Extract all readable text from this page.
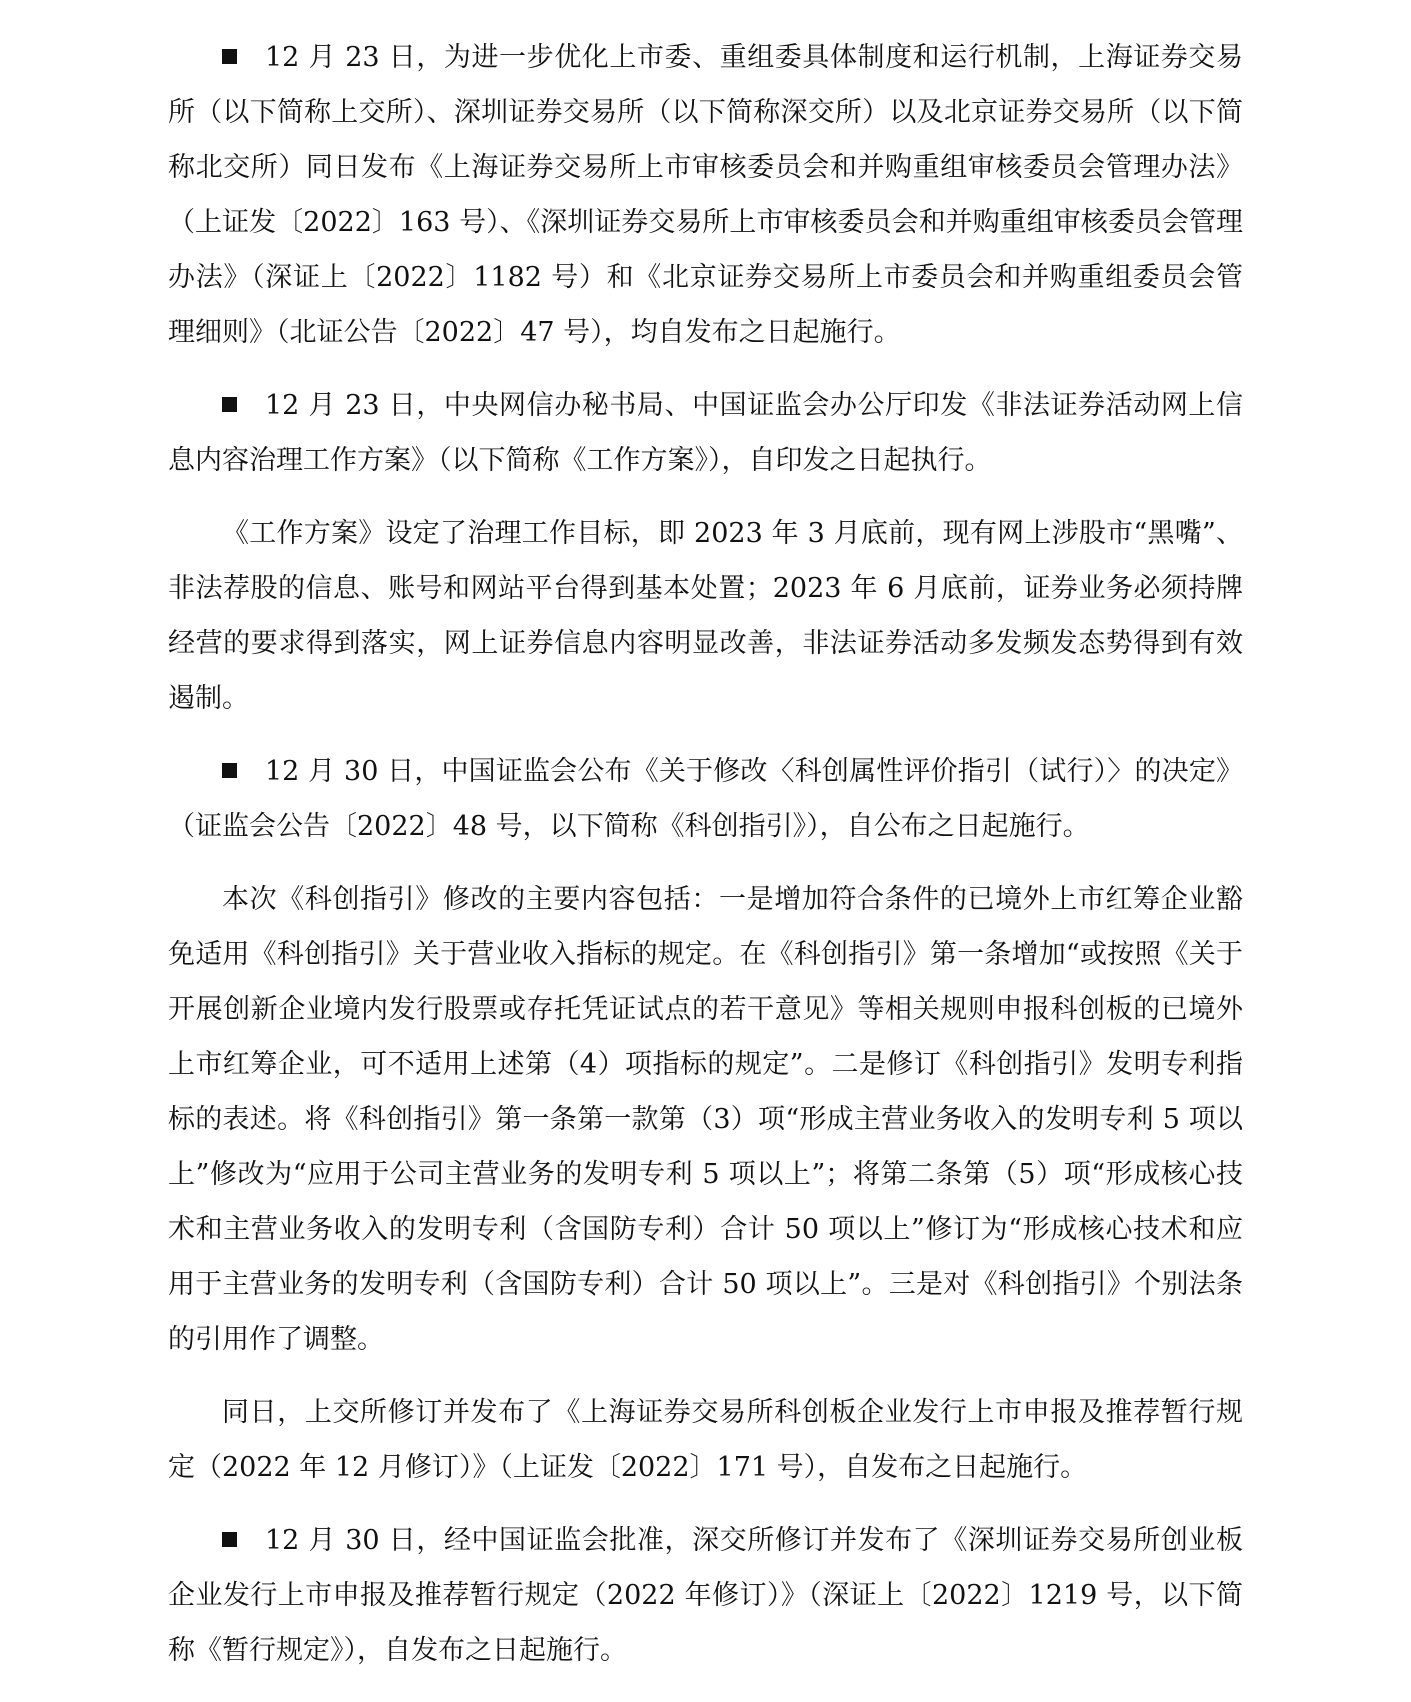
12 月 23 日，为进一步优化上市委、重组委具体制度和运行机制，上海证券交易所（以下简称上交所）、深圳证券交易所（以下简称深交所）以及北京证券交易所（以下简称北交所）同日发布《上海证券交易所上市审核委员会和并购重组审核委员会管理办法》（上证发〔2022〕163 号）、《深圳证券交易所上市审核委员会和并购重组审核委员会管理办法》（深证上〔2022〕1182 号）和《北京证券交易所上市委员会和并购重组委员会管理细则》（北证公告〔2022〕47 号），均自发布之日起施行。

12 月 23 日，中央网信办秘书局、中国证监会办公厅印发《非法证券活动网上信息内容治理工作方案》（以下简称《工作方案》），自印发之日起执行。

《工作方案》设定了治理工作目标，即 2023 年 3 月底前，现有网上涉股市“黑嘴”、非法荐股的信息、账号和网站平台得到基本处置；2023 年 6 月底前，证券业务必须持牌经营的要求得到落实，网上证券信息内容明显改善，非法证券活动多发频发态势得到有效遏制。

12 月 30 日，中国证监会公布《关于修改〈科创属性评价指引（试行）〉的决定》（证监会公告〔2022〕48 号，以下简称《科创指引》），自公布之日起施行。

本次《科创指引》修改的主要内容包括：一是增加符合条件的已境外上市红筹企业豁免适用《科创指引》关于营业收入指标的规定。在《科创指引》第一条增加“或按照《关于开展创新企业境内发行股票或存托凭证试点的若干意见》等相关规则申报科创板的已境外上市红筹企业，可不适用上述第（4）项指标的规定”。二是修订《科创指引》发明专利指标的表述。将《科创指引》第一条第一款第（3）项“形成主营业务收入的发明专利 5 项以上”修改为“应用于公司主营业务的发明专利 5 项以上”；将第二条第（5）项“形成核心技术和主营业务收入的发明专利（含国防专利）合计 50 项以上”修订为“形成核心技术和应用于主营业务的发明专利（含国防专利）合计 50 项以上”。三是对《科创指引》个别法条的引用作了调整。

同日，上交所修订并发布了《上海证券交易所科创板企业发行上市申报及推荐暂行规定（2022 年 12 月修订）》（上证发〔2022〕171 号），自发布之日起施行。

12 月 30 日，经中国证监会批准，深交所修订并发布了《深圳证券交易所创业板企业发行上市申报及推荐暂行规定（2022 年修订）》（深证上〔2022〕1219 号，以下简称《暂行规定》），自发布之日起施行。
